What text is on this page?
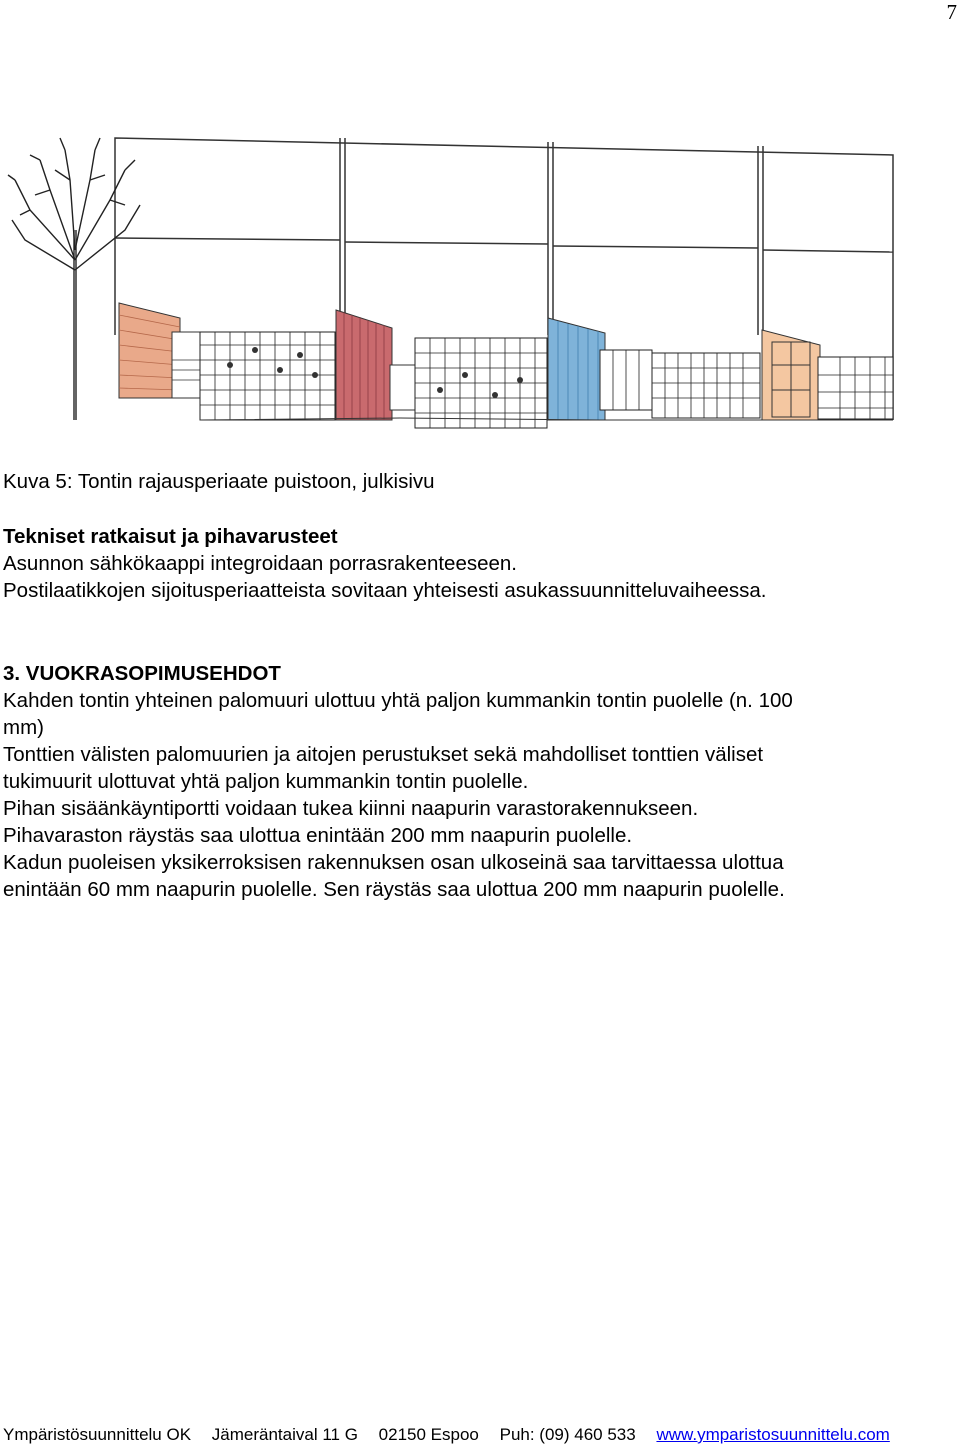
7
Kuva 5: Tontin rajausperiaate puistoon, julkisivu
Tekniset ratkaisut ja pihavarusteet
Asunnon sähkökaappi integroidaan porrasrakenteeseen.
Postilaatikkojen sijoitusperiaatteista sovitaan yhteisesti asukassuunnitteluvaiheessa.
3. VUOKRASOPIMUSEHDOT
Kahden tontin yhteinen palomuuri ulottuu yhtä paljon kummankin tontin puolelle (n. 100
mm)
Tonttien välisten palomuurien ja aitojen perustukset sekä mahdolliset tonttien väliset
tukimuurit ulottuvat yhtä paljon kummankin tontin puolelle.
Pihan sisäänkäyntiportti voidaan tukea kiinni naapurin varastorakennukseen.
Pihavaraston räystäs saa ulottua enintään 200 mm naapurin puolelle.
Kadun puoleisen yksikerroksisen rakennuksen osan ulkoseinä saa tarvittaessa ulottua
enintään 60 mm naapurin puolelle. Sen räystäs saa ulottua 200 mm naapurin puolelle.
Ympäristösuunnittelu OK Jämeräntaival 11 G 02150 Espoo Puh: (09) 460 533 www.ymparistosuunnittelu.com
